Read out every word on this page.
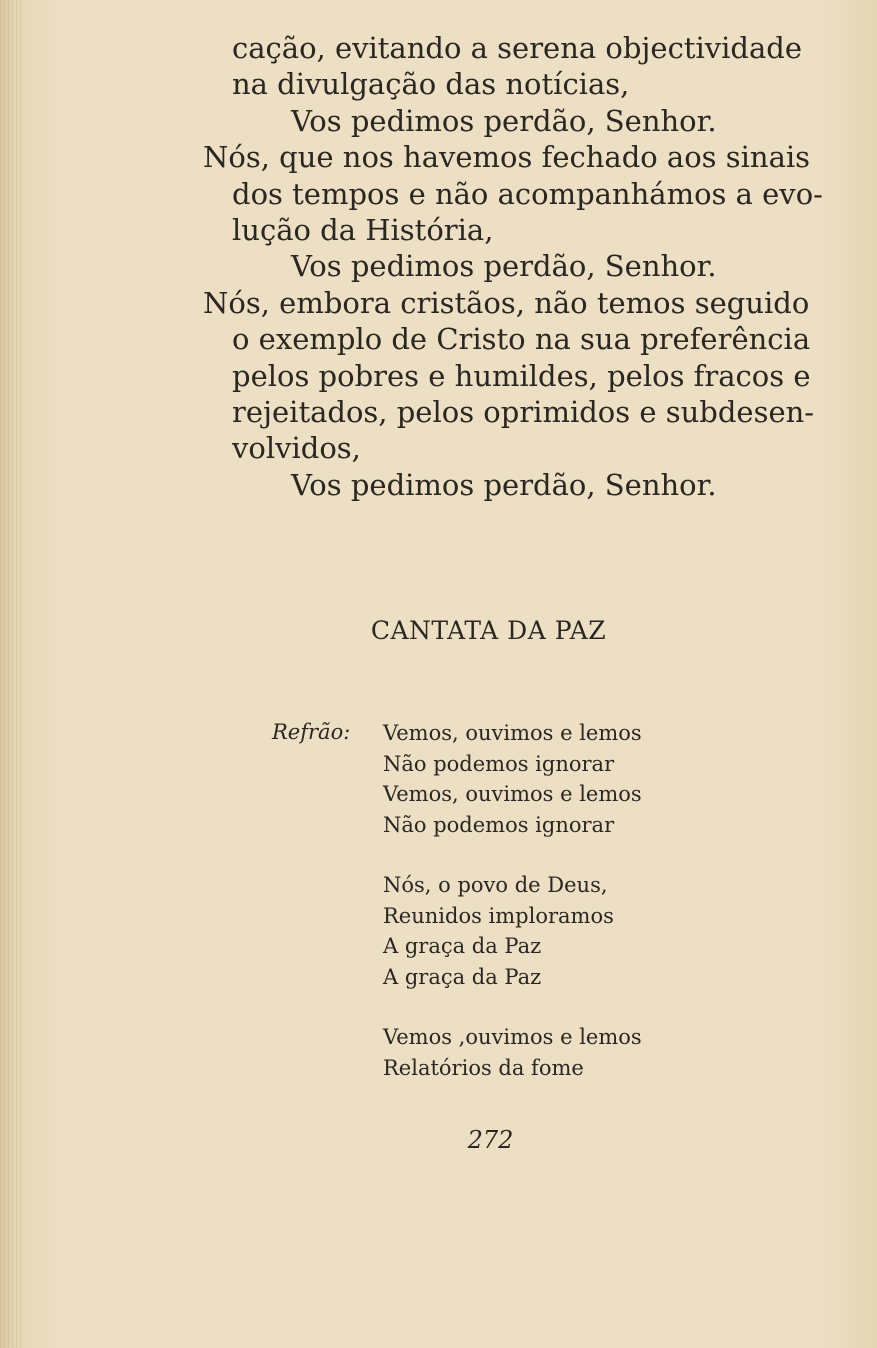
cação, evitando a serena objectividade
na divulgação das notícias,
Vos pedimos perdão, Senhor.
Nós, que nos havemos fechado aos sinais
dos tempos e não acompanhámos a evo-
lução da História,
Vos pedimos perdão, Senhor.
Nós, embora cristãos, não temos seguido
o exemplo de Cristo na sua preferência
pelos pobres e humildes, pelos fracos e
rejeitados, pelos oprimidos e subdesen-
volvidos,
Vos pedimos perdão, Senhor.
CANTATA DA PAZ
Refrão: Vemos, ouvimos e lemos
Não podemos ignorar
Vemos, ouvimos e lemos
Não podemos ignorar
Nós, o povo de Deus,
Reunidos imploramos
A graça da Paz
A graça da Paz
Vemos ,ouvimos e lemos
Relatórios da fome
272
